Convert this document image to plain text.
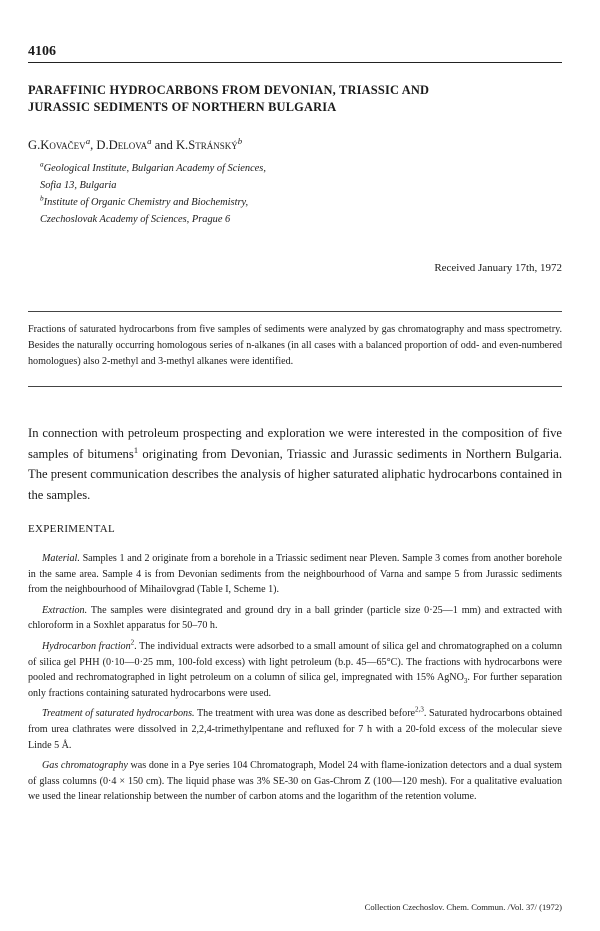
4106
PARAFFINIC HYDROCARBONS FROM DEVONIAN, TRIASSIC AND
JURASSIC SEDIMENTS OF NORTHERN BULGARIA
G.Kovačev$^a$, D.Delova$^a$ and K.Stránský$^b$
$^a$Geological Institute, Bulgarian Academy of Sciences,
Sofia 13, Bulgaria
$^b$Institute of Organic Chemistry and Biochemistry,
Czechoslovak Academy of Sciences, Prague 6
Received January 17th, 1972
Fractions of saturated hydrocarbons from five samples of sediments were analyzed by gas chromatography and mass spectrometry. Besides the naturally occurring homologous series of n-alkanes (in all cases with a balanced proportion of odd- and even-numbered homologues) also 2-methyl and 3-methyl alkanes were identified.
In connection with petroleum prospecting and exploration we were interested in the composition of five samples of bitumens$^1$ originating from Devonian, Triassic and Jurassic sediments in Northern Bulgaria. The present communication describes the analysis of higher saturated aliphatic hydrocarbons contained in the samples.
EXPERIMENTAL

Material. Samples 1 and 2 originate from a borehole in a Triassic sediment near Pleven. Sample 3 comes from another borehole in the same area. Sample 4 is from Devonian sediments from the neighbourhood of Varna and sampe 5 from Jurassic sediments from the neighbourhood of Mihailovgrad (Table I, Scheme 1).

Extraction. The samples were disintegrated and ground dry in a ball grinder (particle size 0·25—1 mm) and extracted with chloroform in a Soxhlet apparatus for 50–70 h.

Hydrocarbon fraction$^2$. The individual extracts were adsorbed to a small amount of silica gel and chromatographed on a column of silica gel PHH (0·10—0·25 mm, 100-fold excess) with light petroleum (b.p. 45—65°C). The fractions with hydrocarbons were pooled and rechromatographed in light petroleum on a column of silica gel, impregnated with 15% AgNO$_3$. For further separation only fractions containing saturated hydrocarbons were used.

Treatment of saturated hydrocarbons. The treatment with urea was done as described before$^{2,3}$. Saturated hydrocarbons obtained from urea clathrates were dissolved in 2,2,4-trimethylpentane and refluxed for 7 h with a 20-fold excess of the molecular sieve Linde 5 Å.

Gas chromatography was done in a Pye series 104 Chromatograph, Model 24 with flame-ionization detectors and a dual system of glass columns (0·4 × 150 cm). The liquid phase was 3% SE-30 on Gas-Chrom Z (100—120 mesh). For a qualitative evaluation we used the linear relationship between the number of carbon atoms and the logarithm of the retention volume.

Collection Czechoslov. Chem. Commun. /Vol. 37/ (1972)
